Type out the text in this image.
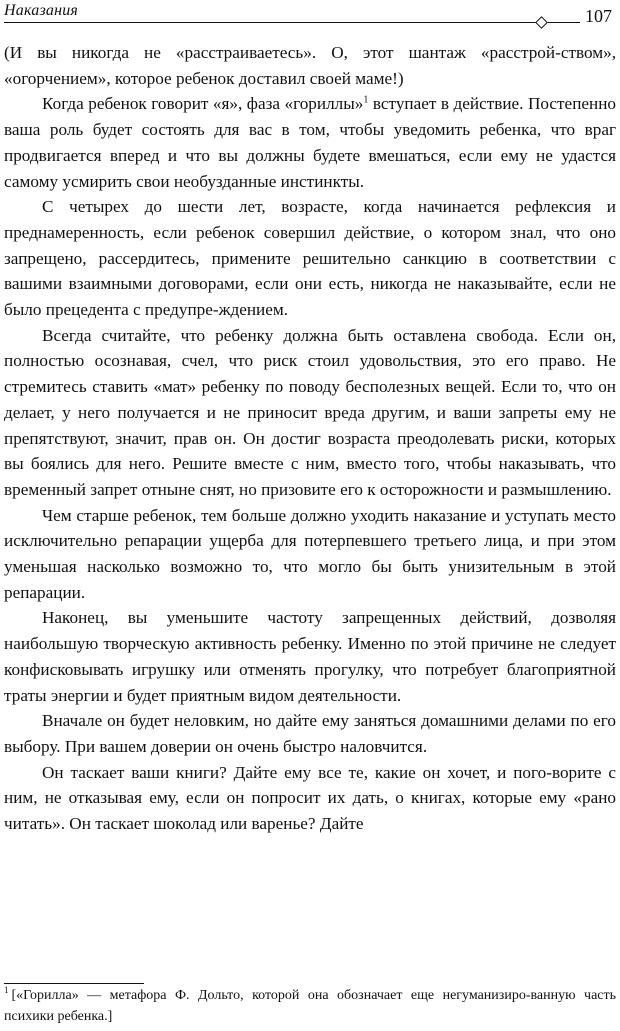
Наказания	107

(И вы никогда не «расстраиваетесь». О, этот шантаж «расстрой-ством», «огорчением», которое ребенок доставил своей маме!)

Когда ребенок говорит «я», фаза «гориллы»$^1$ вступает в действие. Постепенно ваша роль будет состоять для вас в том, чтобы уведомить ребенка, что враг продвигается вперед и что вы должны будете вмешаться, если ему не удастся самому усмирить свои необузданные инстинкты.

С четырех до шести лет, возрасте, когда начинается рефлексия и преднамеренность, если ребенок совершил действие, о котором знал, что оно запрещено, рассердитесь, примените решительно санкцию в соответствии с вашими взаимными договорами, если они есть, никогда не наказывайте, если не было прецедента с предупре-ждением.

Всегда считайте, что ребенку должна быть оставлена свобода. Если он, полностью осознавая, счел, что риск стоил удовольствия, это его право. Не стремитесь ставить «мат» ребенку по поводу бесполезных вещей. Если то, что он делает, у него получается и не приносит вреда другим, и ваши запреты ему не препятствуют, значит, прав он. Он достиг возраста преодолевать риски, которых вы боялись для него. Решите вместе с ним, вместо того, чтобы наказывать, что временный запрет отныне снят, но призовите его к осторожности и размышлению.

Чем старше ребенок, тем больше должно уходить наказание и уступать место исключительно репарации ущерба для потерпевшего третьего лица, и при этом уменьшая насколько возможно то, что могло бы быть унизительным в этой репарации.

Наконец, вы уменьшите частоту запрещенных действий, дозволяя наибольшую творческую активность ребенку. Именно по этой причине не следует конфисковывать игрушку или отменять прогулку, что потребует благоприятной траты энергии и будет приятным видом деятельности.

Вначале он будет неловким, но дайте ему заняться домашними делами по его выбору. При вашем доверии он очень быстро наловчится.

Он таскает ваши книги? Дайте ему все те, какие он хочет, и пого-ворите с ним, не отказывая ему, если он попросит их дать, о книгах, которые ему «рано читать». Он таскает шоколад или варенье? Дайте

$^1$ [«Горилла» — метафора Ф. Дольто, которой она обозначает еще негуманизиро-ванную часть психики ребенка.]
